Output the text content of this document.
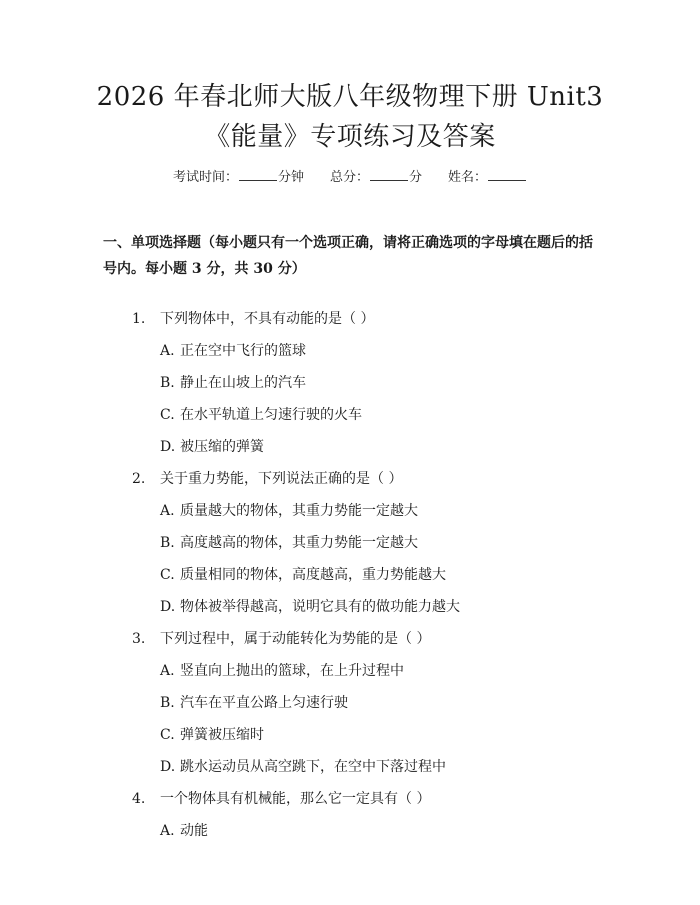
2026 年春北师大版八年级物理下册 Unit3
《能量》专项练习及答案
考试时间：	分钟 总分：	分 姓名：
一、单项选择题（每小题只有一个选项正确，请将正确选项的字母填在题后的括号内。每小题 3 分，共 30 分）
1. 下列物体中，不具有动能的是（ ）
A. 正在空中飞行的篮球
B. 静止在山坡上的汽车
C. 在水平轨道上匀速行驶的火车
D. 被压缩的弹簧
2. 关于重力势能，下列说法正确的是（ ）
A. 质量越大的物体，其重力势能一定越大
B. 高度越高的物体，其重力势能一定越大
C. 质量相同的物体，高度越高，重力势能越大
D. 物体被举得越高，说明它具有的做功能力越大
3. 下列过程中，属于动能转化为势能的是（ ）
A. 竖直向上抛出的篮球，在上升过程中
B. 汽车在平直公路上匀速行驶
C. 弹簧被压缩时
D. 跳水运动员从高空跳下，在空中下落过程中
4. 一个物体具有机械能，那么它一定具有（ ）
A. 动能
